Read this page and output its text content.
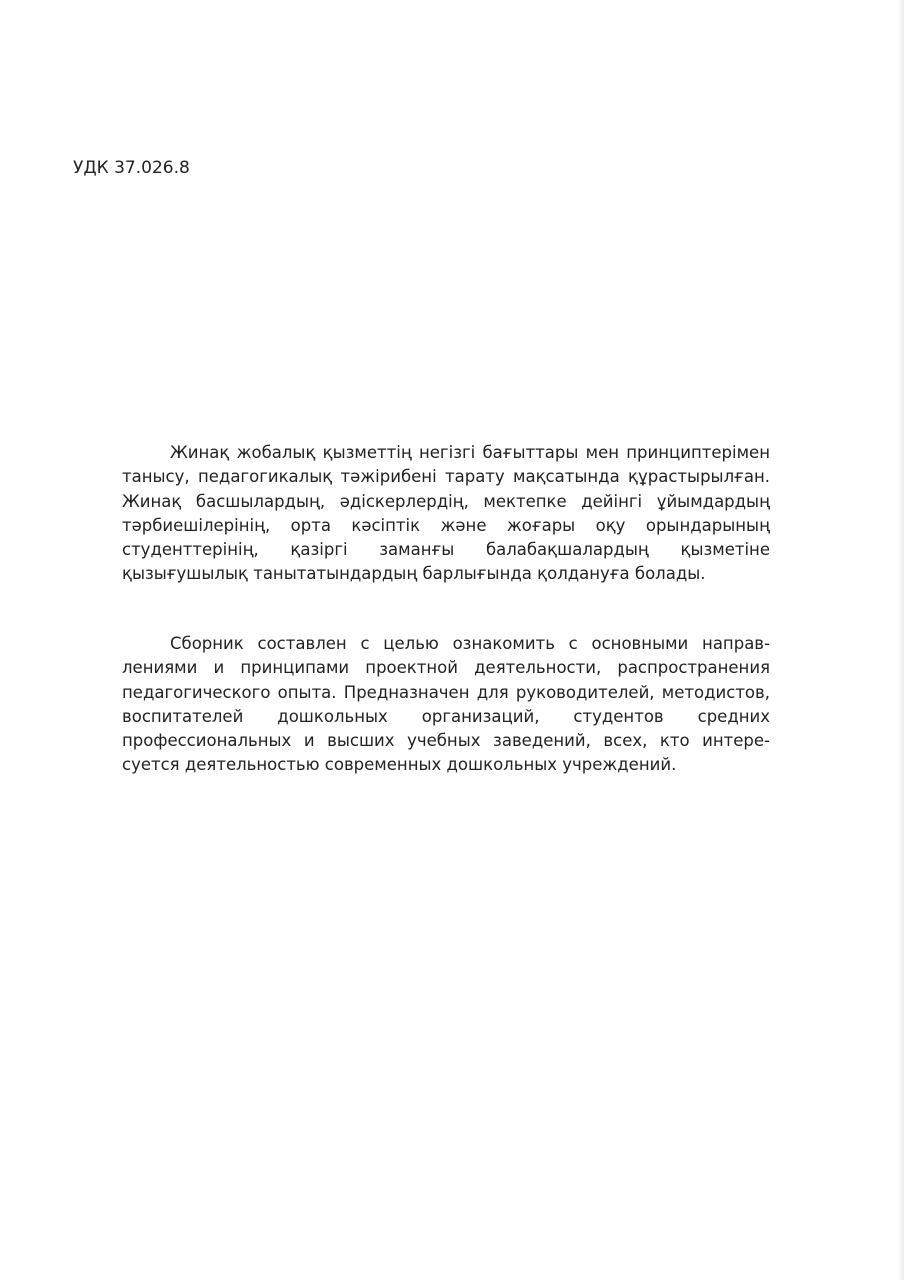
УДК 37.026.8

Жинақ жобалық қызметтің негізгі бағыттары мен принциптерімен танысу, педагогикалық тәжірибені тарату мақсатында құрастырылған. Жинақ басшылардың, әдіскерлердің, мектепке дейінгі ұйымдардың тәрбиешілерінің, орта кәсіптік және жоғары оқу орындарының студенттерінің, қазіргі заманғы балабақшалардың қызметіне қызығушылық танытатындардың барлығында қолдануға болады.

Сборник составлен с целью ознакомить с основными направлениями и принципами проектной деятельности, распространения педагогического опыта. Предназначен для руководителей, методистов, воспитателей дошкольных организаций, студентов средних профессиональных и высших учебных заведений, всех, кто интересуется деятельностью современных дошкольных учреждений.
